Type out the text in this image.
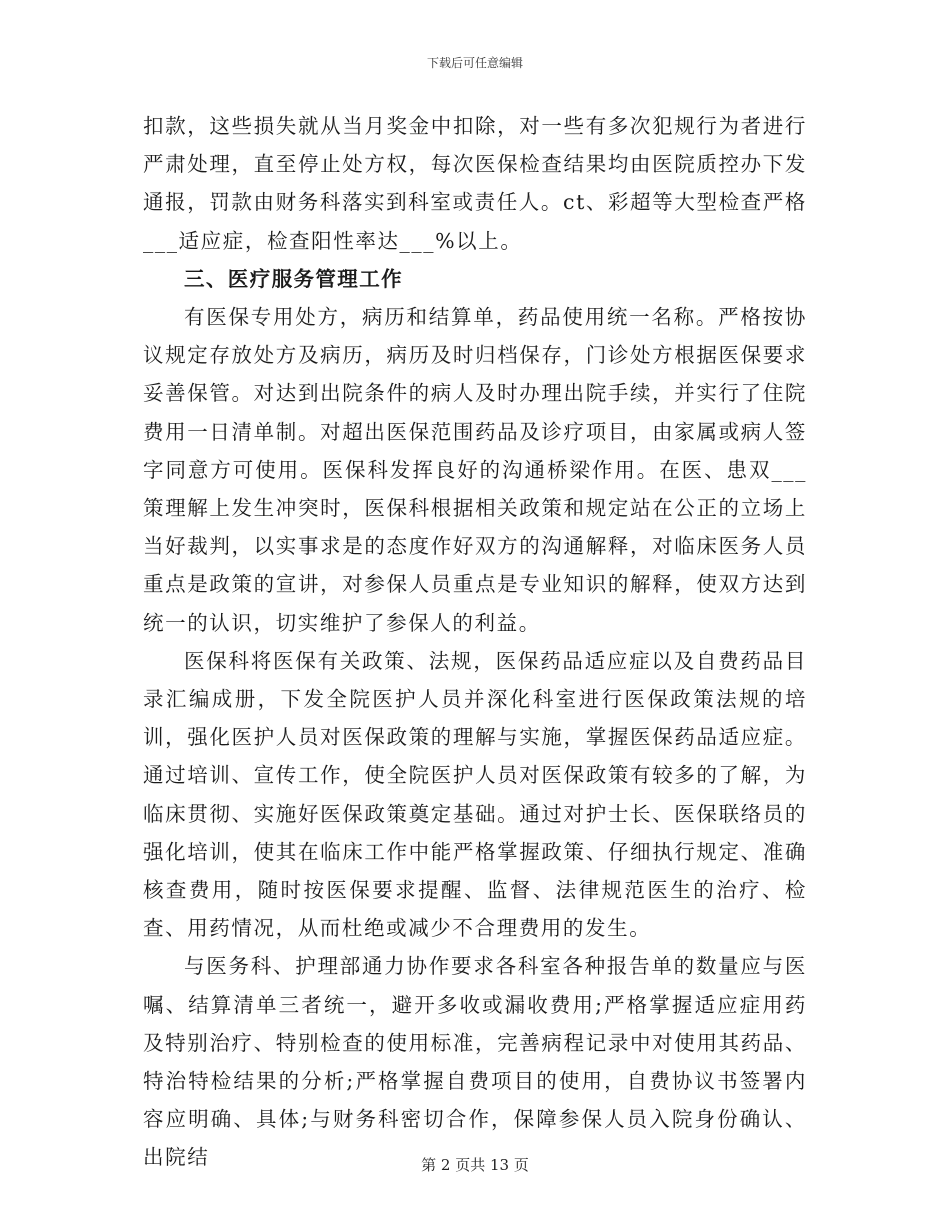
下载后可任意编辑

扣款，这些损失就从当月奖金中扣除，对一些有多次犯规行为者进行严肃处理，直至停止处方权，每次医保检查结果均由医院质控办下发通报，罚款由财务科落实到科室或责任人。ct、彩超等大型检查严格___适应症，检查阳性率达___%以上。

三、医疗服务管理工作

有医保专用处方，病历和结算单，药品使用统一名称。严格按协议规定存放处方及病历，病历及时归档保存，门诊处方根据医保要求妥善保管。对达到出院条件的病人及时办理出院手续，并实行了住院费用一日清单制。对超出医保范围药品及诊疗项目，由家属或病人签字同意方可使用。医保科发挥良好的沟通桥梁作用。在医、患双___策理解上发生冲突时，医保科根据相关政策和规定站在公正的立场上当好裁判，以实事求是的态度作好双方的沟通解释，对临床医务人员重点是政策的宣讲，对参保人员重点是专业知识的解释，使双方达到统一的认识，切实维护了参保人的利益。

医保科将医保有关政策、法规，医保药品适应症以及自费药品目录汇编成册，下发全院医护人员并深化科室进行医保政策法规的培训，强化医护人员对医保政策的理解与实施，掌握医保药品适应症。通过培训、宣传工作，使全院医护人员对医保政策有较多的了解，为临床贯彻、实施好医保政策奠定基础。通过对护士长、医保联络员的强化培训，使其在临床工作中能严格掌握政策、仔细执行规定、准确核查费用，随时按医保要求提醒、监督、法律规范医生的治疗、检查、用药情况，从而杜绝或减少不合理费用的发生。

与医务科、护理部通力协作要求各科室各种报告单的数量应与医嘱、结算清单三者统一，避开多收或漏收费用;严格掌握适应症用药及特别治疗、特别检查的使用标准，完善病程记录中对使用其药品、特治特检结果的分析;严格掌握自费项目的使用，自费协议书签署内容应明确、具体;与财务科密切合作，保障参保人员入院身份确认、出院结	第 2 页共 13 页
